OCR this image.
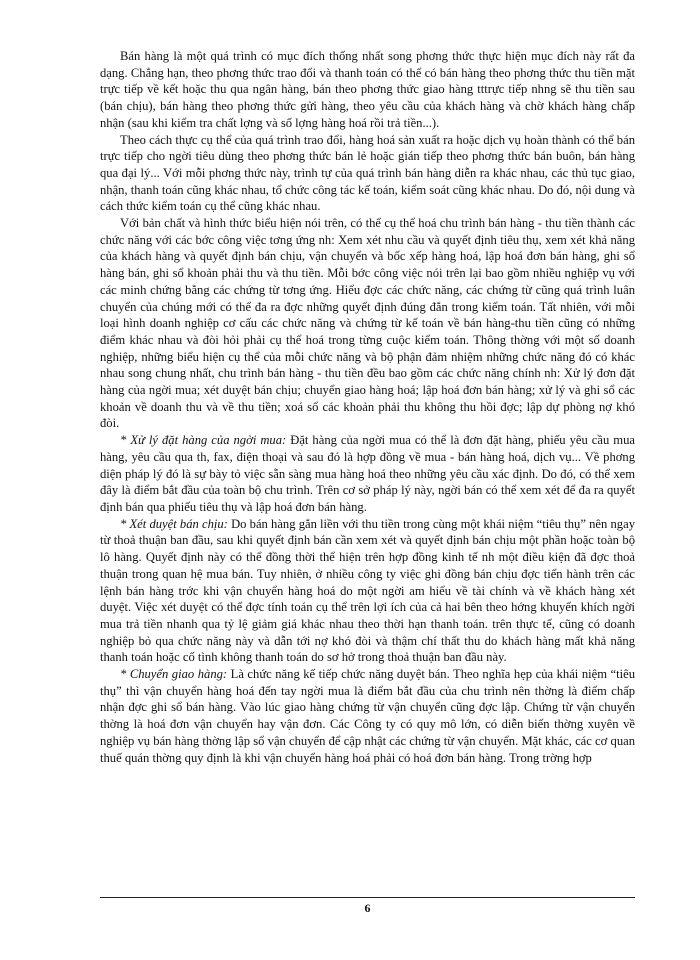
Bán hàng là một quá trình có mục đích thống nhất song phơng thức thực hiện mục đích này rất đa dạng. Chẳng hạn, theo phơng thức trao đổi và thanh toán có thể có bán hàng theo phơng thức thu tiền mặt trực tiếp về kết hoặc thu qua ngân hàng, bán theo phơng thức giao hàng tttrực tiếp nhng sẽ thu tiền sau (bán chịu), bán hàng theo phơng thức gửi hàng, theo yêu cầu của khách hàng và chờ khách hàng chấp nhận (sau khi kiểm tra chất lợng và số lợng hàng hoá rồi trả tiền...).

Theo cách thực cụ thể của quá trình trao đổi, hàng hoá sản xuất ra hoặc dịch vụ hoàn thành có thể bán trực tiếp cho ngời tiêu dùng theo phơng thức bán lẻ hoặc gián tiếp theo phơng thức bán buôn, bán hàng qua đại lý... Với mỗi phơng thức này, trình tự của quá trình bán hàng diễn ra khác nhau, các thủ tục giao, nhận, thanh toán cũng khác nhau, tổ chức công tác kế toán, kiểm soát cũng khác nhau. Do đó, nội dung và cách thức kiểm toán cụ thể cũng khác nhau.

Với bản chất và hình thức biểu hiện nói trên, có thể cụ thể hoá chu trình bán hàng - thu tiền thành các chức năng với các bớc công việc tơng ứng nh: Xem xét nhu cầu và quyết định tiêu thụ, xem xét khả năng của khách hàng và quyết định bán chịu, vận chuyển và bốc xếp hàng hoá, lập hoá đơn bán hàng, ghi sổ hàng bán, ghi sổ khoản phải thu và thu tiền. Mỗi bớc công việc nói trên lại bao gồm nhiều nghiệp vụ với các minh chứng bằng các chứng từ tơng ứng. Hiểu đợc các chức năng, các chứng từ cũng quá trình luân chuyển của chúng mới có thể đa ra đợc những quyết định đúng đắn trong kiểm toán. Tất nhiên, với mỗi loại hình doanh nghiệp cơ cấu các chức năng và chứng từ kế toán về bán hàng-thu tiền cũng có những điểm khác nhau và đòi hỏi phải cụ thể hoá trong từng cuộc kiểm toán. Thông thờng với một số doanh nghiệp, những biểu hiện cụ thể của mỗi chức năng và bộ phận đảm nhiệm những chức năng đó có khác nhau song chung nhất, chu trình bán hàng - thu tiền đều bao gồm các chức năng chính nh: Xử lý đơn đặt hàng của ngời mua; xét duyệt bán chịu; chuyển giao hàng hoá; lập hoá đơn bán hàng; xử lý và ghi sổ các khoản về doanh thu và về thu tiền; xoá sổ các khoản phải thu không thu hồi đợc; lập dự phòng nợ khó đòi.

* Xử lý đặt hàng của ngời mua: Đặt hàng của ngời mua có thể là đơn đặt hàng, phiếu yêu cầu mua hàng, yêu cầu qua th, fax, điện thoại và sau đó là hợp đồng về mua - bán hàng hoá, dịch vụ... Về phơng diện pháp lý đó là sự bày tỏ việc sẵn sàng mua hàng hoá theo những yêu cầu xác định. Do đó, có thể xem đây là điểm bắt đầu của toàn bộ chu trình. Trên cơ sở pháp lý này, ngời bán có thể xem xét để đa ra quyết định bán qua phiếu tiêu thụ và lập hoá đơn bán hàng.

* Xét duyệt bán chịu: Do bán hàng gắn liền với thu tiền trong cùng một khái niệm “tiêu thụ” nên ngay từ thoả thuận ban đầu, sau khi quyết định bán cần xem xét và quyết định bán chịu một phần hoặc toàn bộ lô hàng. Quyết định này có thể đồng thời thể hiện trên hợp đồng kinh tế nh một điều kiện đã đợc thoả thuận trong quan hệ mua bán. Tuy nhiên, ở nhiều công ty việc ghi đồng bán chịu đợc tiến hành trên các lệnh bán hàng trớc khi vận chuyển hàng hoá do một ngời am hiểu về tài chính và về khách hàng xét duyệt. Việc xét duyệt có thể đợc tính toán cụ thể trên lợi ích của cả hai bên theo hớng khuyến khích ngời mua trả tiền nhanh qua tỷ lệ giảm giá khác nhau theo thời hạn thanh toán. trên thực tế, cũng có doanh nghiệp bỏ qua chức năng này và dẫn tới nợ khó đòi và thậm chí thất thu do khách hàng mất khả năng thanh toán hoặc cố tình không thanh toán do sơ hở trong thoả thuận ban đầu này.

* Chuyển giao hàng: Là chức năng kế tiếp chức năng duyệt bán. Theo nghĩa hẹp của khái niệm “tiêu thụ” thì vận chuyển hàng hoá đến tay ngời mua là điểm bắt đầu của chu trình nên thờng là điểm chấp nhận đợc ghi sổ bán hàng. Vào lúc giao hàng chứng từ vận chuyển cũng đợc lập. Chứng từ vận chuyển thờng là hoá đơn vận chuyển hay vận đơn. Các Công ty có quy mô lớn, có diễn biến thờng xuyên về nghiệp vụ bán hàng thờng lập sổ vận chuyển để cập nhật các chứng từ vận chuyển. Mặt khác, các cơ quan thuế quán thờng quy định là khi vận chuyển hàng hoá phải có hoá đơn bán hàng. Trong trờng hợp

6
